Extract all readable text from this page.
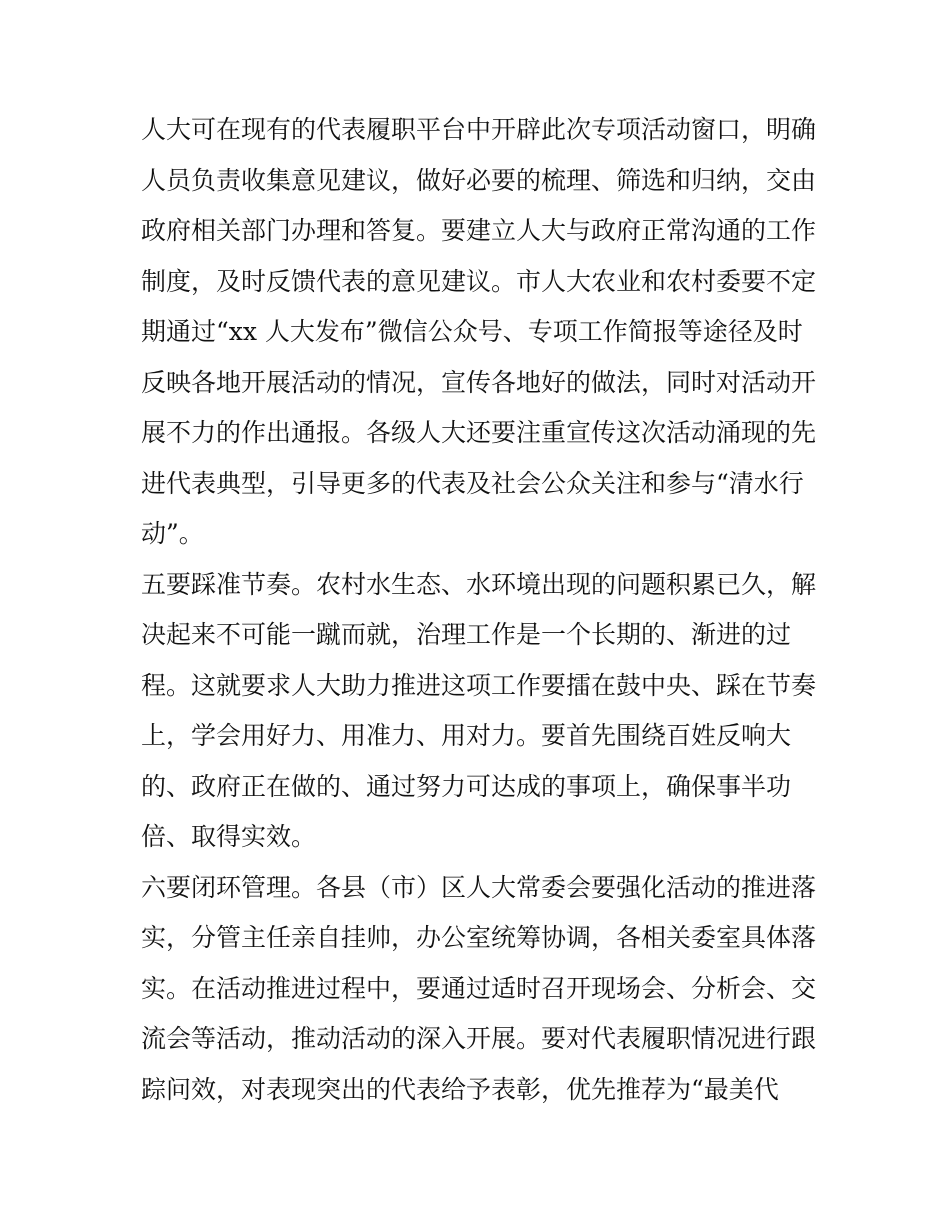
人大可在现有的代表履职平台中开辟此次专项活动窗口，明确
人员负责收集意见建议，做好必要的梳理、筛选和归纳，交由
政府相关部门办理和答复。要建立人大与政府正常沟通的工作
制度，及时反馈代表的意见建议。市人大农业和农村委要不定
期通过“xx 人大发布”微信公众号、专项工作简报等途径及时
反映各地开展活动的情况，宣传各地好的做法，同时对活动开
展不力的作出通报。各级人大还要注重宣传这次活动涌现的先
进代表典型，引导更多的代表及社会公众关注和参与“清水行
动”。
五要踩准节奏。农村水生态、水环境出现的问题积累已久，解
决起来不可能一蹴而就，治理工作是一个长期的、渐进的过
程。这就要求人大助力推进这项工作要擂在鼓中央、踩在节奏
上，学会用好力、用准力、用对力。要首先围绕百姓反响大
的、政府正在做的、通过努力可达成的事项上，确保事半功
倍、取得实效。
六要闭环管理。各县（市）区人大常委会要强化活动的推进落
实，分管主任亲自挂帅，办公室统筹协调，各相关委室具体落
实。在活动推进过程中，要通过适时召开现场会、分析会、交
流会等活动，推动活动的深入开展。要对代表履职情况进行跟
踪问效，对表现突出的代表给予表彰，优先推荐为“最美代
